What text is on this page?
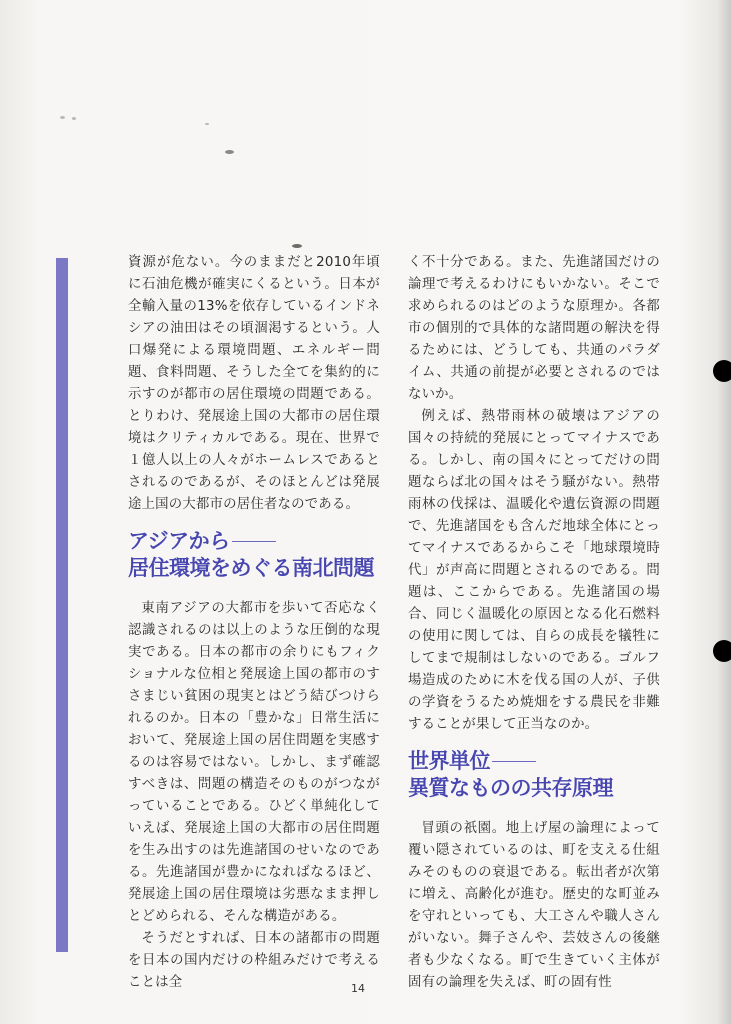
資源が危ない。今のままだと2010年頃に石油危機が確実にくるという。日本が全輸入量の13%を依存しているインドネシアの油田はその頃涸渇するという。人口爆発による環境問題、エネルギー問題、食料問題、そうした全てを集約的に示すのが都市の居住環境の問題である。とりわけ、発展途上国の大都市の居住環境はクリティカルである。現在、世界で１億人以上の人々がホームレスであるとされるのであるが、そのほとんどは発展途上国の大都市の居住者なのである。

アジアから
居住環境をめぐる南北問題

東南アジアの大都市を歩いて否応なく認識されるのは以上のような圧倒的な現実である。日本の都市の余りにもフィクショナルな位相と発展途上国の都市のすさまじい貧困の現実とはどう結びつけられるのか。日本の「豊かな」日常生活において、発展途上国の居住問題を実感するのは容易ではない。しかし、まず確認すべきは、問題の構造そのものがつながっていることである。ひどく単純化していえば、発展途上国の大都市の居住問題を生み出すのは先進諸国のせいなのである。先進諸国が豊かになればなるほど、発展途上国の居住環境は劣悪なまま押しとどめられる、そんな構造がある。

そうだとすれば、日本の諸都市の問題を日本の国内だけの枠組みだけで考えることは全

く不十分である。また、先進諸国だけの論理で考えるわけにもいかない。そこで求められるのはどのような原理か。各都市の個別的で具体的な諸問題の解決を得るためには、どうしても、共通のパラダイム、共通の前提が必要とされるのではないか。

例えば、熱帯雨林の破壊はアジアの国々の持続的発展にとってマイナスである。しかし、南の国々にとってだけの問題ならば北の国々はそう騒がない。熱帯雨林の伐採は、温暖化や遺伝資源の問題で、先進諸国をも含んだ地球全体にとってマイナスであるからこそ「地球環境時代」が声高に問題とされるのである。問題は、ここからである。先進諸国の場合、同じく温暖化の原因となる化石燃料の使用に関しては、自らの成長を犠牲にしてまで規制はしないのである。ゴルフ場造成のために木を伐る国の人が、子供の学資をうるため焼畑をする農民を非難することが果して正当なのか。

世界単位
異質なものの共存原理

冒頭の祇園。地上げ屋の論理によって覆い隠されているのは、町を支える仕組みそのものの衰退である。転出者が次第に増え、高齢化が進む。歴史的な町並みを守れといっても、大工さんや職人さんがいない。舞子さんや、芸妓さんの後継者も少なくなる。町で生きていく主体が固有の論理を失えば、町の固有性

14
